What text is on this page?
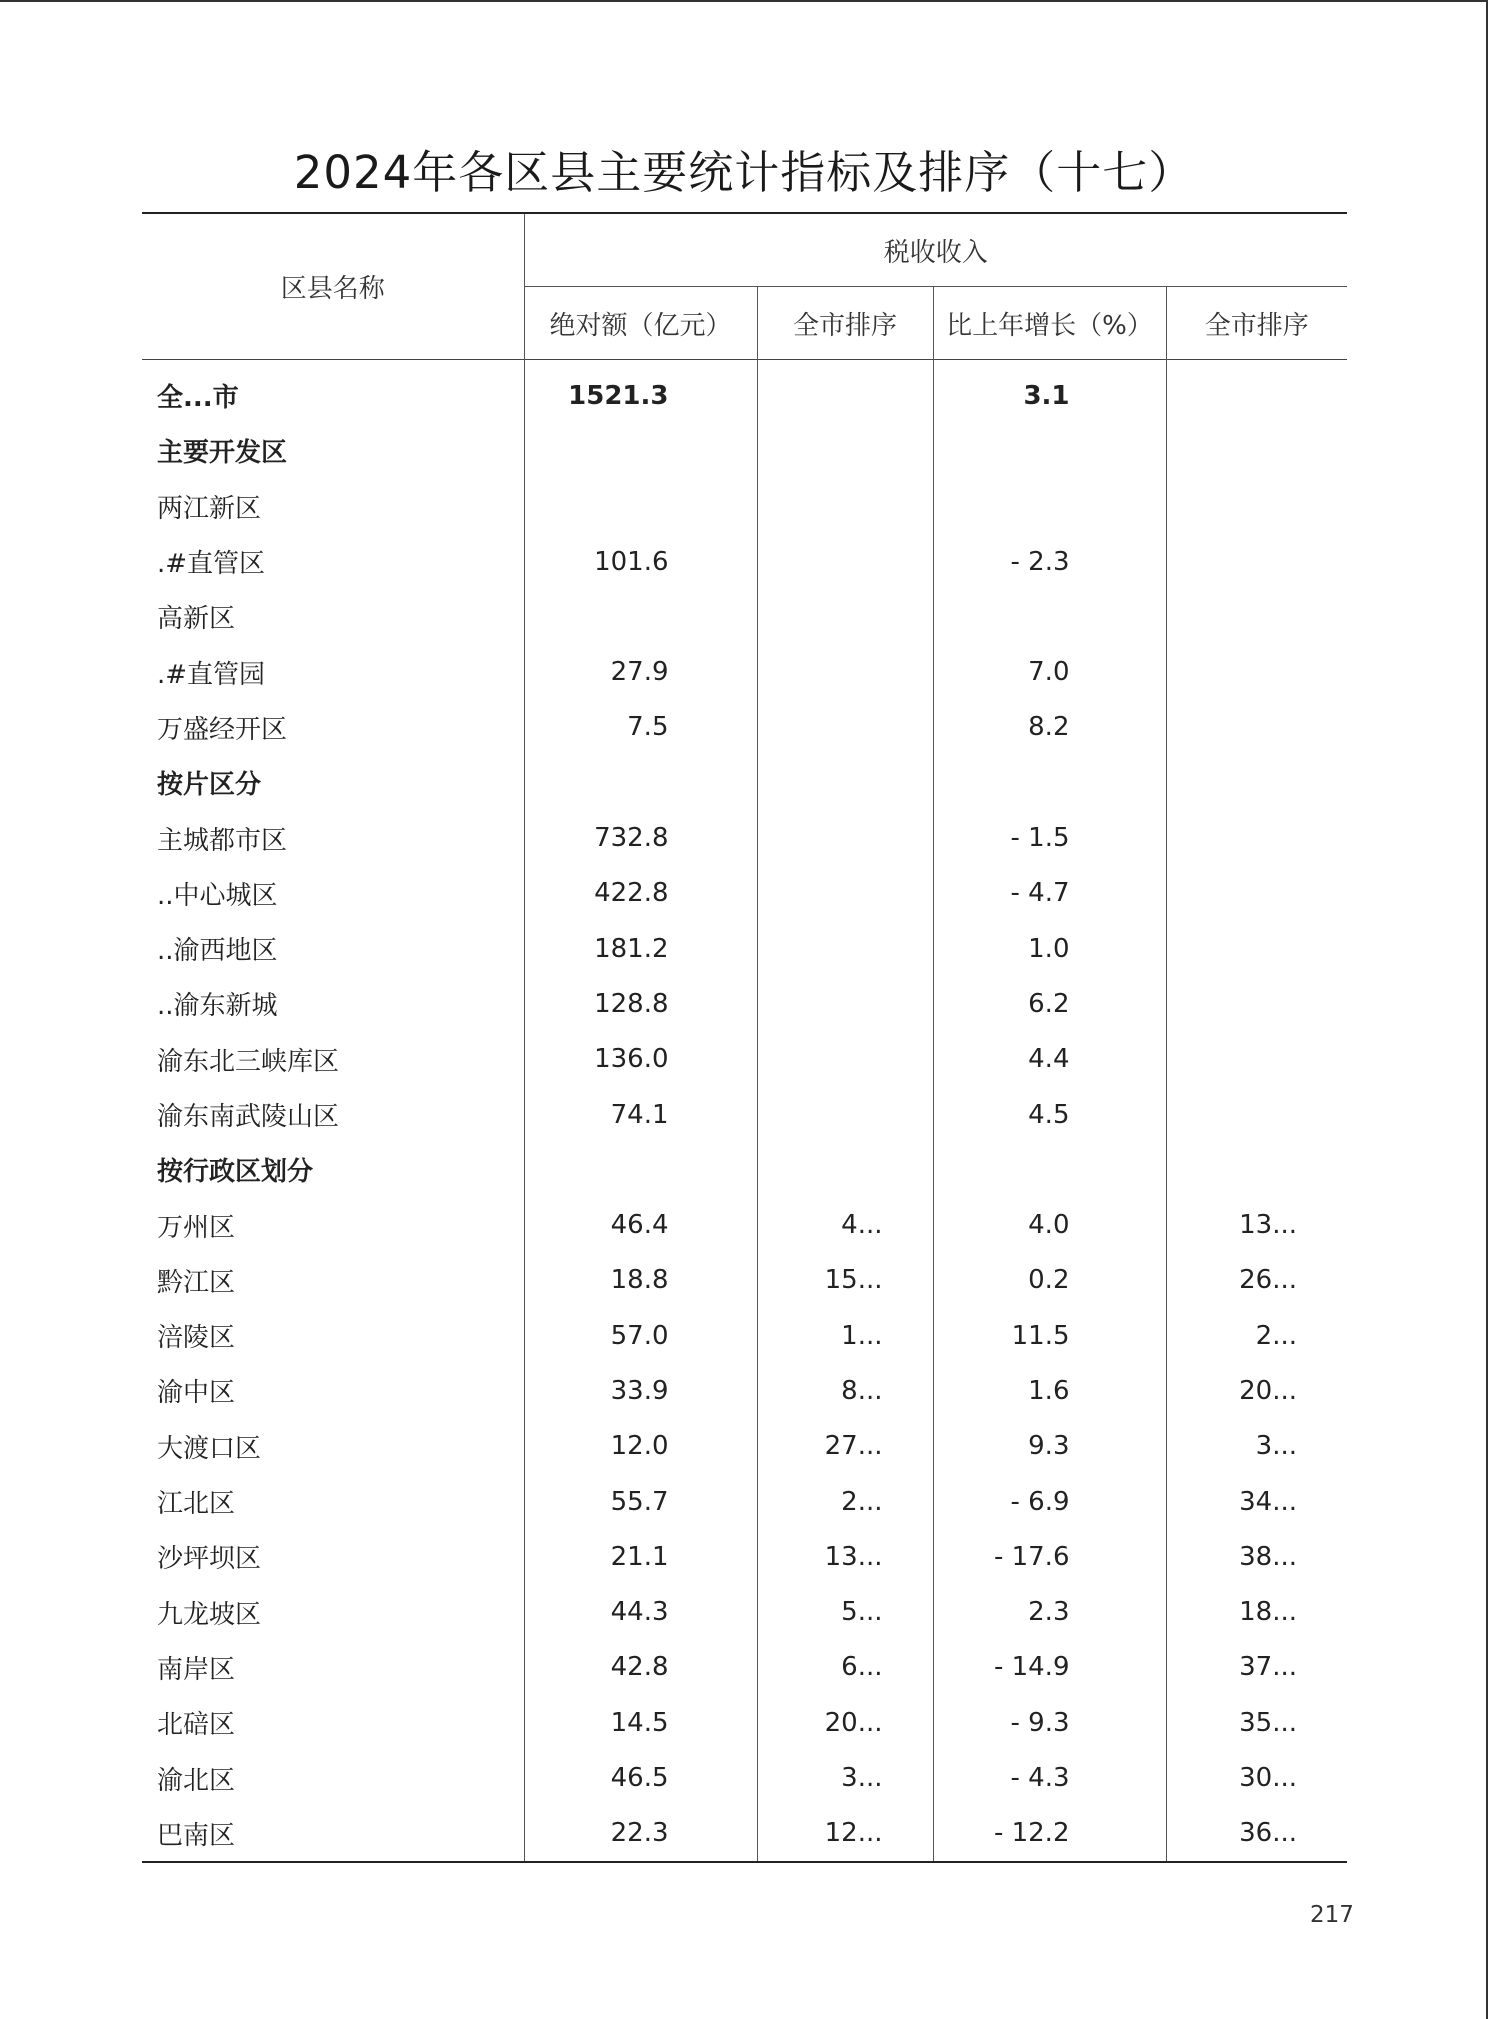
2024年各区县主要统计指标及排序（十七）
区县名称	税收收入			
	绝对额（亿元）	全市排序	比上年增长（%）	全市排序
全...市	1521.3		3.1	
主要开发区				
两江新区				
.#直管区	101.6		- 2.3	
高新区				
.#直管园	27.9		7.0	
万盛经开区	7.5		8.2	
按片区分				
主城都市区	732.8		- 1.5	
..中心城区	422.8		- 4.7	
..渝西地区	181.2		1.0	
..渝东新城	128.8		6.2	
渝东北三峡库区	136.0		4.4	
渝东南武陵山区	74.1		4.5	
按行政区划分				
万州区	46.4	4...	4.0	13...
黔江区	18.8	15...	0.2	26...
涪陵区	57.0	1...	11.5	2...
渝中区	33.9	8...	1.6	20...
大渡口区	12.0	27...	9.3	3...
江北区	55.7	2...	- 6.9	34...
沙坪坝区	21.1	13...	- 17.6	38...
九龙坡区	44.3	5...	2.3	18...
南岸区	42.8	6...	- 14.9	37...
北碚区	14.5	20...	- 9.3	35...
渝北区	46.5	3...	- 4.3	30...
巴南区	22.3	12...	- 12.2	36...
217
